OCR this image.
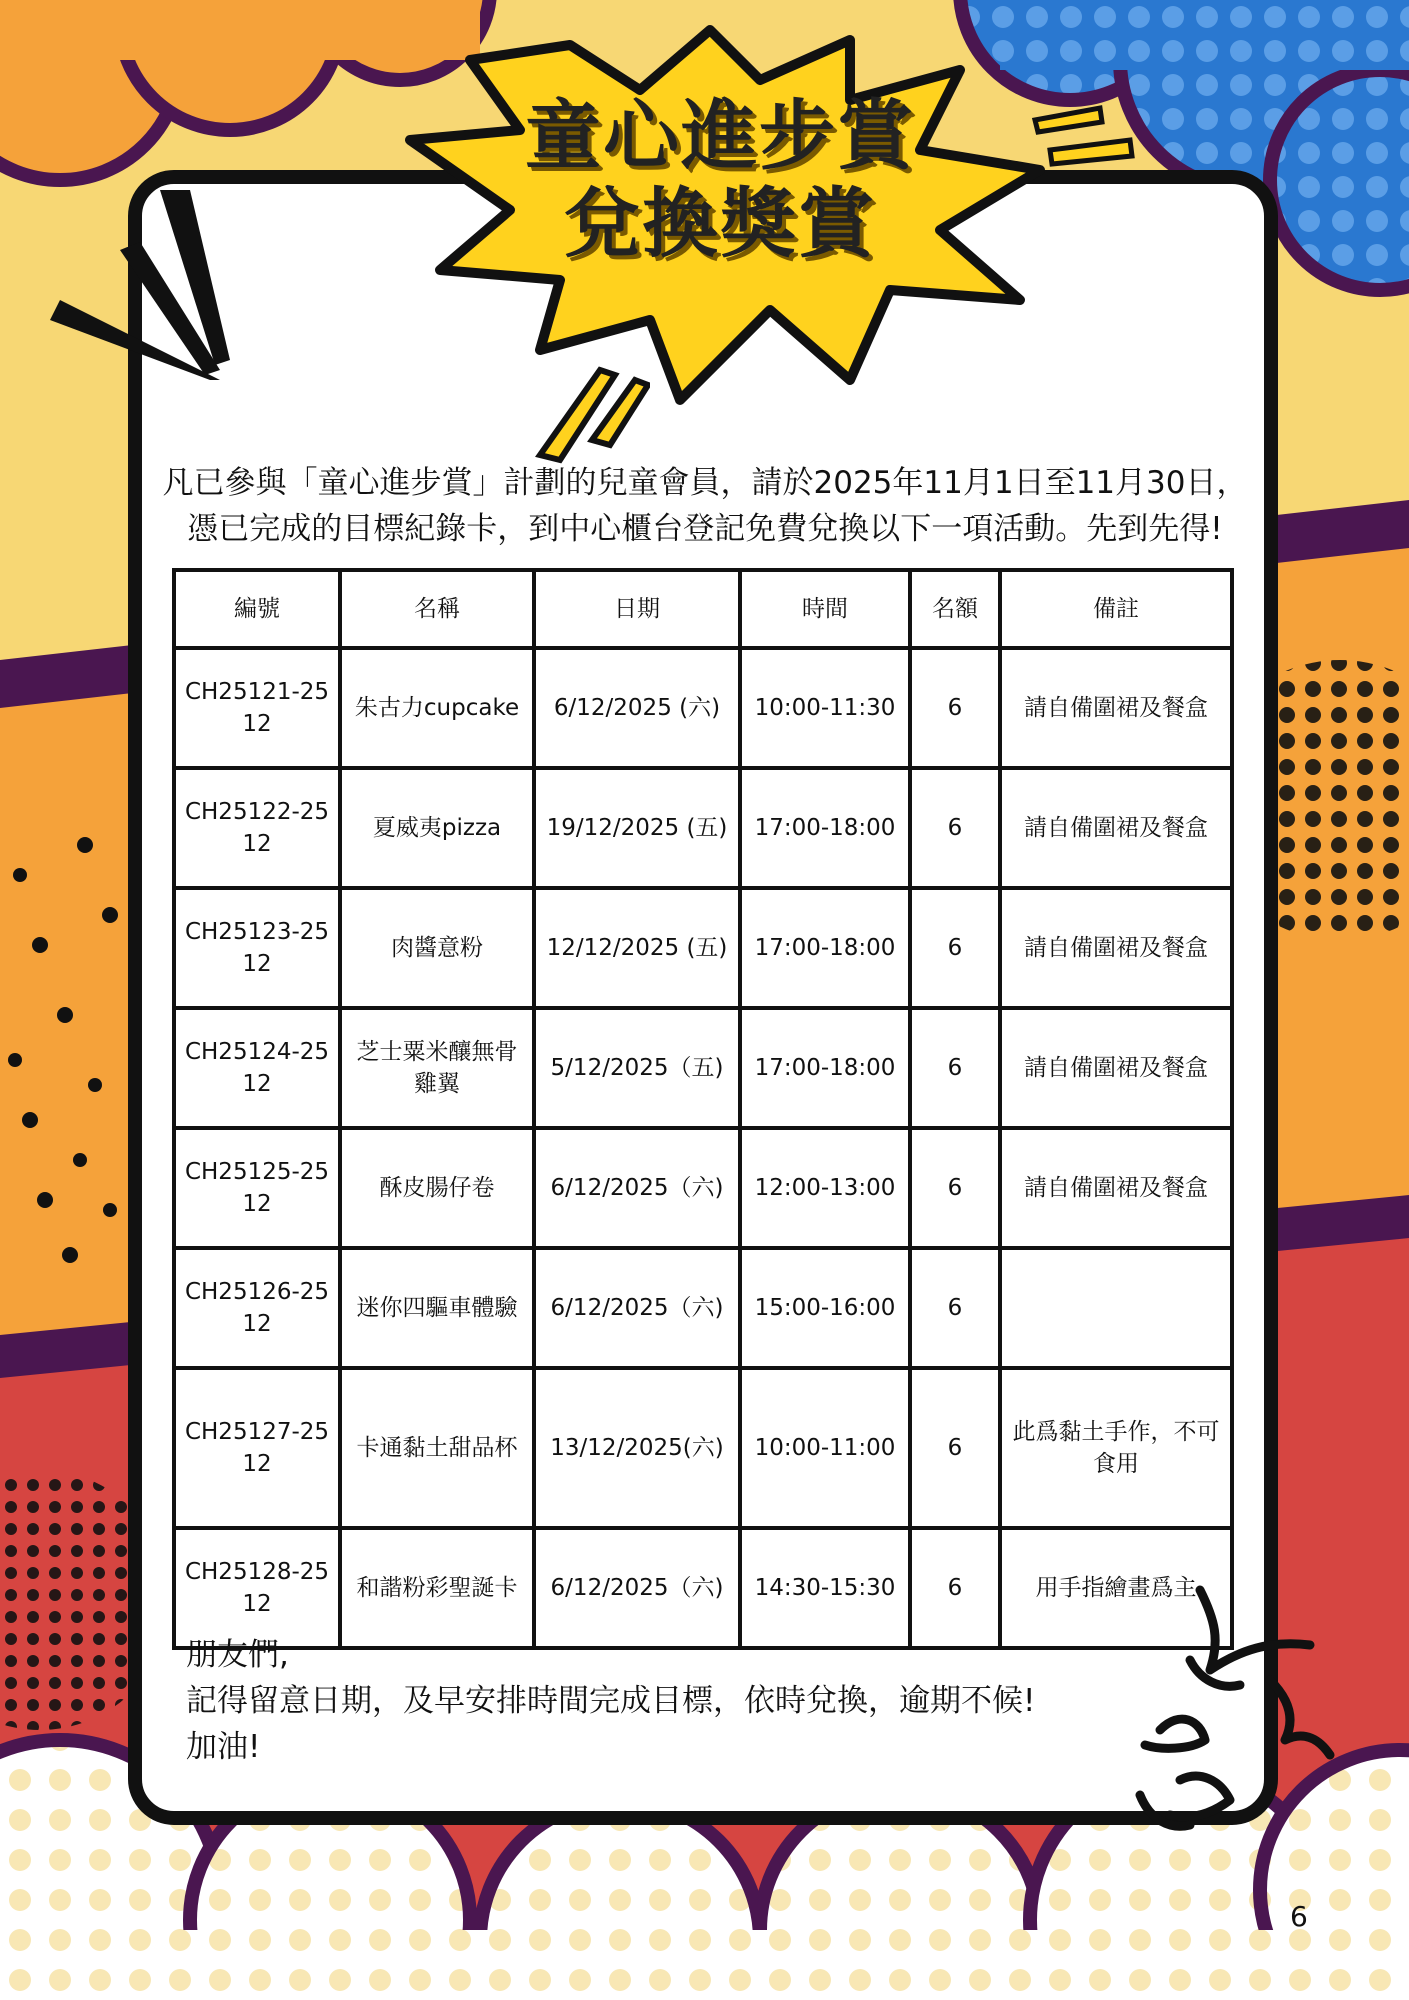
童心進步賞
兌換獎賞
凡已參與「童心進步賞」計劃的兒童會員，請於2025年11月1日至11月30日，
憑已完成的目標紀錄卡，到中心櫃台登記免費兌換以下一項活動。先到先得!
編號	名稱	日期	時間	名額	備註
CH25121-2512	朱古力cupcake	6/12/2025 (六)	10:00-11:30	6	請自備圍裙及餐盒
CH25122-2512	夏威夷pizza	19/12/2025 (五)	17:00-18:00	6	請自備圍裙及餐盒
CH25123-2512	肉醬意粉	12/12/2025 (五)	17:00-18:00	6	請自備圍裙及餐盒
CH25124-2512	芝士粟米釀無骨雞翼	5/12/2025（五)	17:00-18:00	6	請自備圍裙及餐盒
CH25125-2512	酥皮腸仔卷	6/12/2025（六)	12:00-13:00	6	請自備圍裙及餐盒
CH25126-2512	迷你四驅車體驗	6/12/2025（六)	15:00-16:00	6	
CH25127-2512	卡通黏土甜品杯	13/12/2025(六)	10:00-11:00	6	此爲黏土手作，不可食用
CH25128-2512	和諧粉彩聖誕卡	6/12/2025（六)	14:30-15:30	6	用手指繪畫爲主
朋友們,
記得留意日期，及早安排時間完成目標，依時兌換，逾期不候!
加油!
6
